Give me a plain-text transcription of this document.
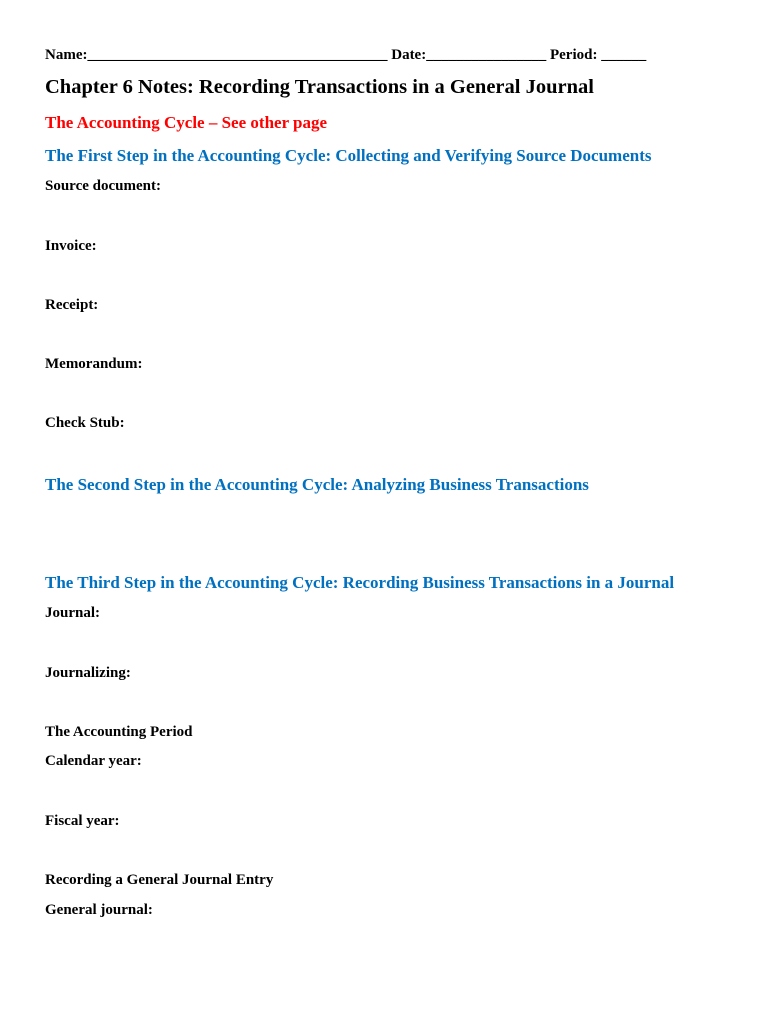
Name:________________________________________ Date:________________ Period: ______
Chapter 6 Notes: Recording Transactions in a General Journal
The Accounting Cycle – See other page
The First Step in the Accounting Cycle: Collecting and Verifying Source Documents
Source document:
Invoice:
Receipt:
Memorandum:
Check Stub:
The Second Step in the Accounting Cycle: Analyzing Business Transactions
The Third Step in the Accounting Cycle: Recording Business Transactions in a Journal
Journal:
Journalizing:
The Accounting Period
Calendar year:
Fiscal year:
Recording a General Journal Entry
General journal:
